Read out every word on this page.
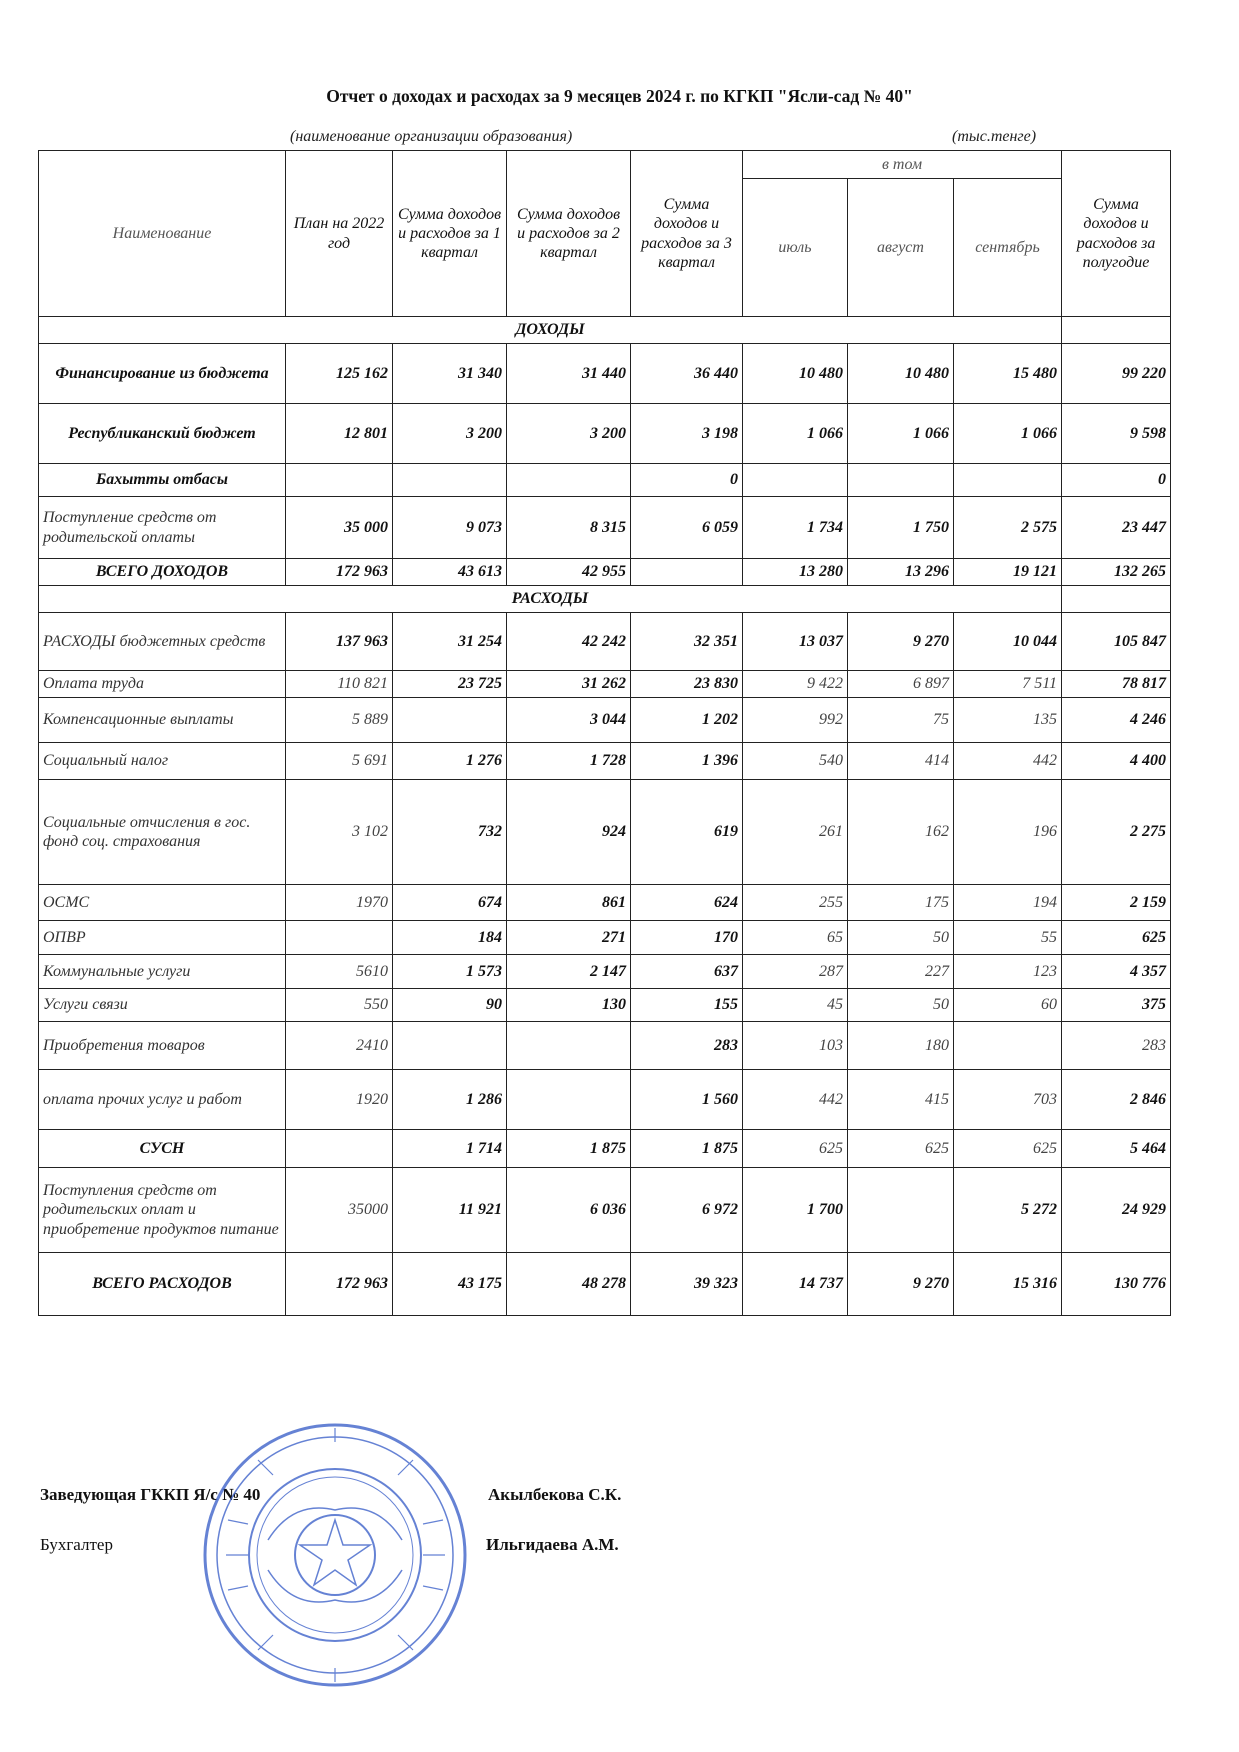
Отчет о доходах и расходах за 9 месяцев 2024 г. по КГКП "Ясли-сад № 40"
(наименование организации образования)	(тыс.тенге)
Наименование	План на 2022 год	Сумма доходов и расходов за 1 квартал	Сумма доходов и расходов за 2 квартал	Сумма доходов и расходов за 3 квартал	в том			Сумма доходов и расходов за полугодие
					июль	август	сентябрь	
ДОХОДЫ								
Финансирование из бюджета	125 162	31 340	31 440	36 440	10 480	10 480	15 480	99 220
Республиканский бюджет	12 801	3 200	3 200	3 198	1 066	1 066	1 066	9 598
Бахытты отбасы				0				0
Поступление средств от родительской оплаты	35 000	9 073	8 315	6 059	1 734	1 750	2 575	23 447
ВСЕГО ДОХОДОВ	172 963	43 613	42 955		13 280	13 296	19 121	132 265
РАСХОДЫ								
РАСХОДЫ бюджетных средств	137 963	31 254	42 242	32 351	13 037	9 270	10 044	105 847
Оплата труда	110 821	23 725	31 262	23 830	9 422	6 897	7 511	78 817
Компенсационные выплаты	5 889		3 044	1 202	992	75	135	4 246
Социальный налог	5 691	1 276	1 728	1 396	540	414	442	4 400
Социальные отчисления в гос. фонд соц. страхования	3 102	732	924	619	261	162	196	2 275
ОСМС	1970	674	861	624	255	175	194	2 159
ОПВР		184	271	170	65	50	55	625
Коммунальные услуги	5610	1 573	2 147	637	287	227	123	4 357
Услуги связи	550	90	130	155	45	50	60	375
Приобретения товаров	2410			283	103	180		283
оплата прочих услуг и работ	1920	1 286		1 560	442	415	703	2 846
СУСН		1 714	1 875	1 875	625	625	625	5 464
Поступления средств от родительских оплат и приобретение продуктов питание	35000	11 921	6 036	6 972	1 700		5 272	24 929
ВСЕГО РАСХОДОВ	172 963	43 175	48 278	39 323	14 737	9 270	15 316	130 776
Заведующая ГККП Я/с № 40	Акылбекова С.К.
Бухгалтер	Ильгидаева А.М.
